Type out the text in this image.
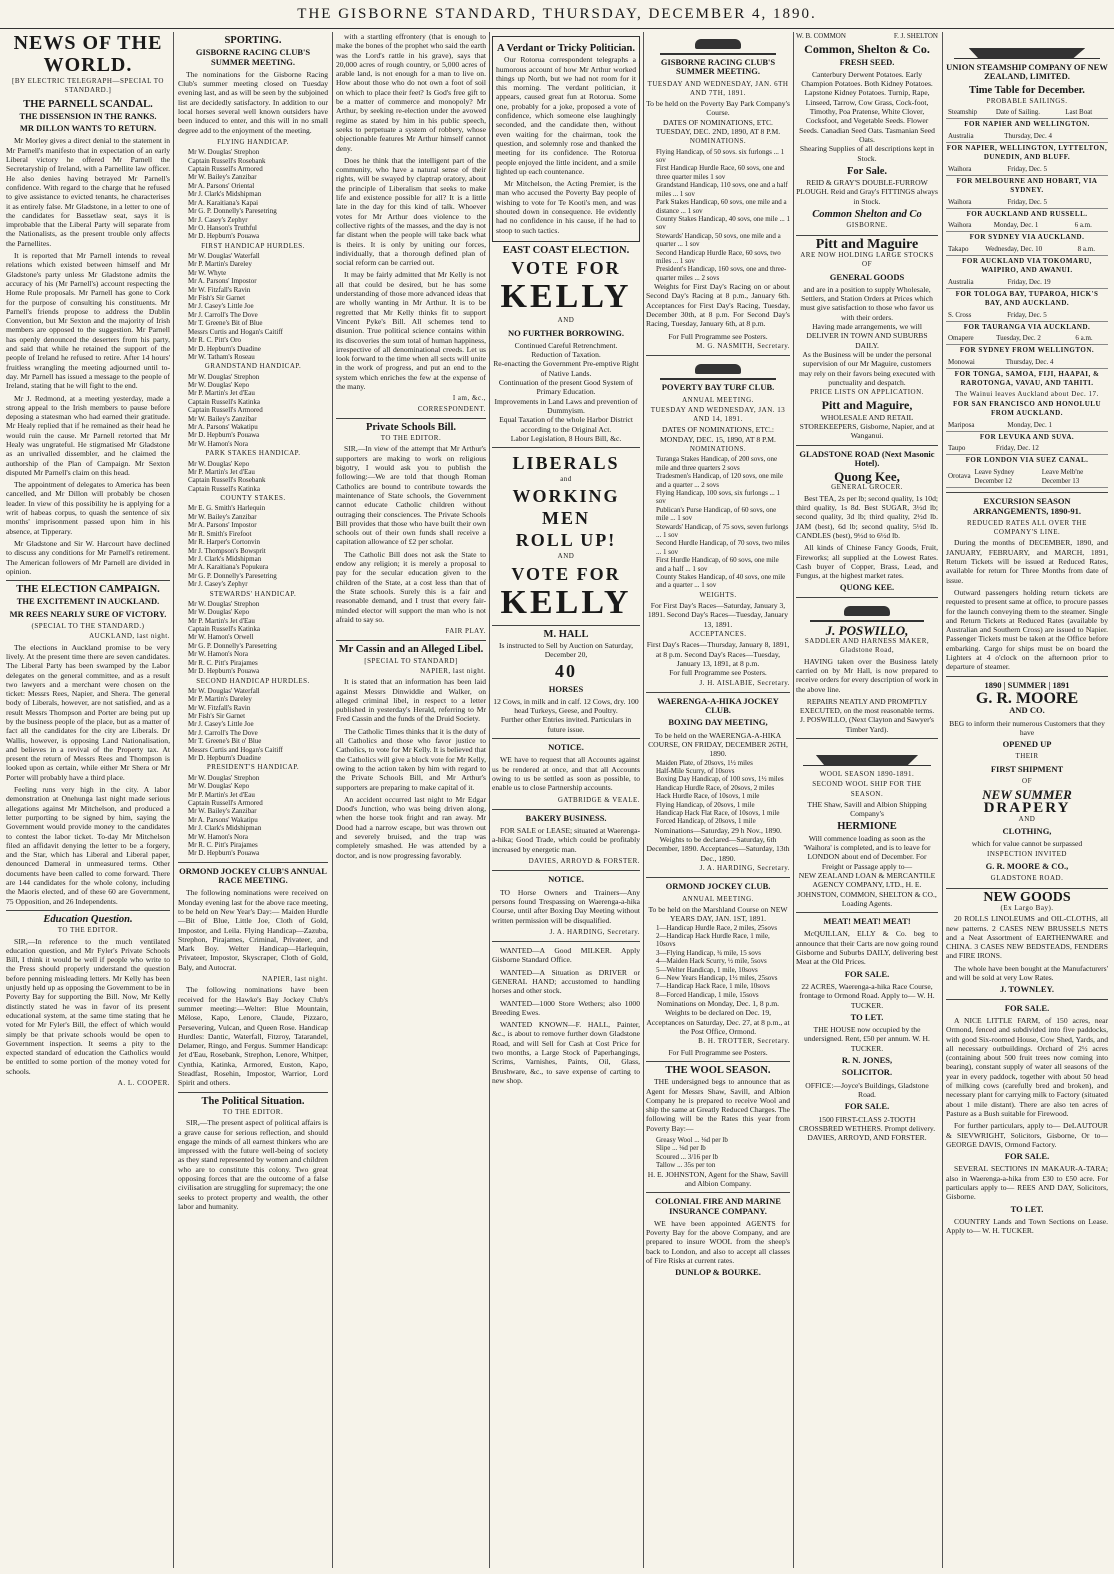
THE GISBORNE STANDARD, THURSDAY, DECEMBER 4, 1890.
NEWS OF THE WORLD.
[BY ELECTRIC TELEGRAPH—SPECIAL TO STANDARD.]
THE PARNELL SCANDAL.
THE DISSENSION IN THE RANKS.
MR DILLON WANTS TO RETURN.

Mr Morley gives a direct denial to the statement in Mr Parnell's manifesto that in expectation of an early Liberal victory he offered Mr Parnell the Secretaryship of Ireland, with a Parnellite law officer. He also denies having betrayed Mr Parnell's confidence. With regard to the charge that he refused to give assistance to evicted tenants, he characterises it as entirely false. Mr Gladstone, in a letter to one of the candidates for Bassetlaw seat, says it is improbable that the Liberal Party will separate from the Nationalists, as the present trouble only affects the Parnellites.

It is reported that Mr Parnell intends to reveal relations which existed between himself and Mr Gladstone's party unless Mr Gladstone admits the accuracy of his (Mr Parnell's) account respecting the Home Rule proposals. Mr Parnell has gone to Cork for the purpose of consulting his constituents. Mr Parnell's friends propose to address the Dublin Convention, but Mr Sexton and the majority of Irish members are opposed to the suggestion. Mr Parnell has openly denounced the deserters from his party, and said that while he retained the support of the people of Ireland he refused to retire. After 14 hours' fruitless wrangling the meeting adjourned until to-day. Mr Parnell has issued a message to the people of Ireland, stating that he will fight to the end.

Mr J. Redmond, at a meeting yesterday, made a strong appeal to the Irish members to pause before deposing a statesman who had earned their gratitude. Mr Healy replied that if he remained as their head he would ruin the cause. Mr Parnell retorted that Mr Healy was ungrateful. He stigmatised Mr Gladstone as an unrivalled dissembler, and he claimed the authorship of the Plan of Campaign. Mr Sexton disputed Mr Parnell's claim on this head.

The appointment of delegates to America has been cancelled, and Mr Dillon will probably be chosen leader. In view of this possibility he is applying for a writ of habeas corpus, to quash the sentence of six months' imprisonment passed upon him in his absence, at Tipperary.

Mr Gladstone and Sir W. Harcourt have declined to discuss any conditions for Mr Parnell's retirement. The American followers of Mr Parnell are divided in opinion.

THE ELECTION CAMPAIGN.
THE EXCITEMENT IN AUCKLAND.
MR REES NEARLY SURE OF VICTORY.
(SPECIAL TO THE STANDARD.)
AUCKLAND, last night.

The elections in Auckland promise to be very lively. At the present time there are seven candidates. The Liberal Party has been swamped by the Labor delegates on the general committee, and as a result two lawyers and a merchant were chosen on the ticket: Messrs Rees, Napier, and Shera. The general body of Liberals, however, are not satisfied, and as a result Messrs Thompson and Porter are being put up by the business people of the place, but as a matter of fact all the candidates for the city are Liberals. Dr Wallis, however, is opposing Land Nationalisation, and believes in a revival of the Property tax. At present the return of Messrs Rees and Thompson is looked upon as certain, while either Mr Shera or Mr Porter will probably have a third place.

Feeling runs very high in the city. A labor demonstration at Onehunga last night made serious allegations against Mr Mitchelson, and produced a letter purporting to be signed by him, saying the Government would provide money to the candidates to contest the labor ticket. To-day Mr Mitchelson filed an affidavit denying the letter to be a forgery, and the Star, which has Liberal and Liberal paper, denounced Dameral in unmeasured terms. Other documents have been called to come forward. There are 144 candidates for the whole colony, including the Maoris elected, and of these 60 are Government, 75 Opposition, and 26 Independents.

Education Question.
TO THE EDITOR.

SIR,—In reference to the much ventilated education question, and Mr Fyler's Private Schools Bill, I think it would be well if people who write to the Press should properly understand the question before penning misleading letters. Mr Kelly has been unjustly held up as opposing the Government to be in Poverty Bay for supporting the Bill. Now, Mr Kelly distinctly stated he was in favor of its present educational system, at the same time stating that he voted for Mr Fyler's Bill, the effect of which would simply be that private schools would be open to Government inspection. It seems a pity to the expected standard of education the Catholics would be entitled to some portion of the money voted for schools.

A. L. COOPER.
SPORTING.
GISBORNE RACING CLUB'S SUMMER MEETING.

The nominations for the Gisborne Racing Club's summer meeting closed on Tuesday evening last, and as will be seen by the subjoined list are decidedly satisfactory. In addition to our local horses several well known outsiders have been induced to enter, and this will in no small degree add to the enjoyment of the meeting.

FLYING HANDICAP.
Mr W. Douglas' Strephon
Captain Russell's Rosebank
Captain Russell's Armored
Mr W. Bailey's Zanzibar
Mr A. Parsons' Oriental
Mr J. Clark's Midshipman
Mr A. Karaitiana's Kapai
Mr G. P. Donnelly's Paresetring
Mr J. Casey's Zephyr
Mr O. Hanson's Truthful
Mr D. Hepburn's Pouawa
FIRST HANDICAP HURDLES.
Mr W. Douglas' Waterfall
Mr P. Martin's Dareley
Mr W. Whyte
Mr A. Parsons' Impostor
Mr W. Fitzfall's Ravin
Mr Fish's Sir Garnet
Mr J. Casey's Little Joe
Mr J. Carroll's The Dove
Mr T. Greene's Bit of Blue
Messrs Curtis and Hogan's Caitiff
Mr R. C. Pitt's Oro
Mr D. Hepburn's Duadine
Mr W. Tatham's Roseau
GRANDSTAND HANDICAP.
Mr W. Douglas' Strephon
Mr W. Douglas' Kepo
Mr P. Martin's Jet d'Eau
Captain Russell's Katinka
Captain Russell's Armored
Mr W. Bailey's Zanzibar
Mr A. Parsons' Wakatipu
Mr D. Hepburn's Pouawa
Mr W. Hamon's Nora
PARK STAKES HANDICAP.
Mr W. Douglas' Kepo
Mr P. Martin's Jet d'Eau
Captain Russell's Rosebank
Captain Russell's Katinka
COUNTY STAKES.
Mr E. G. Smith's Harlequin
Mr W. Bailey's Zanzibar
Mr A. Parsons' Impostor
Mr R. Smith's Firefoot
Mr R. Harper's Cortonvin
Mr J. Thompson's Bowsprit
Mr J. Clark's Midshipman
Mr A. Karaitiana's Popukura
Mr G. P. Donnelly's Paresetring
Mr J. Casey's Zephyr
STEWARDS' HANDICAP.
Mr W. Douglas' Strephon
Mr W. Douglas' Kepo
Mr P. Martin's Jet d'Eau
Captain Russell's Katinka
Mr W. Hamon's Orwell
Mr G. P. Donnelly's Paresetring
Mr W. Hamon's Nora
Mr R. C. Pitt's Pirajames
Mr D. Hepburn's Pouawa
SECOND HANDICAP HURDLES.
Mr W. Douglas' Waterfall
Mr P. Martin's Dareley
Mr W. Fitzfall's Ravin
Mr Fish's Sir Garnet
Mr J. Casey's Little Joe
Mr J. Carroll's The Dove
Mr T. Greene's Bit o' Blue
Messrs Curtis and Hogan's Caitiff
Mr D. Hepburn's Duadine
PRESIDENT'S HANDICAP.
Mr W. Douglas' Strephon
Mr W. Douglas' Kepo
Mr P. Martin's Jet d'Eau
Captain Russell's Armored
Mr W. Bailey's Zanzibar
Mr A. Parsons' Wakatipu
Mr J. Clark's Midshipman
Mr W. Hamon's Nora
Mr R. C. Pitt's Pirajames
Mr D. Hepburn's Pouawa
ORMOND JOCKEY CLUB'S ANNUAL RACE MEETING.

The following nominations were received on Monday evening last for the above race meeting, to be held on New Year's Day:— Maiden Hurdle—Bit of Blue, Little Joe, Cloth of Gold, Impostor, and Leila. Flying Handicap—Zazuba, Strephon, Pirajames, Criminal, Privateer, and Mark Boy. Welter Handicap—Harlequin, Privateer, Impostor, Skyscraper, Cloth of Gold, Baly, and Autocrat.

NAPIER, last night.

The following nominations have been received for the Hawke's Bay Jockey Club's summer meeting:—Welter: Blue Mountain, Mélose, Kapo, Lenore, Claude, Pizzaro, Persevering, Vulcan, and Queen Rose. Handicap Hurdles: Dantic, Waterfall, Fitzroy, Tatarandel, Delamer, Ringo, and Fergus. Summer Handicap: Jet d'Eau, Rosebank, Strephon, Lenore, Whitper, Cynthia, Katinka, Armored, Euston, Kapo, Steadfast, Rosehin, Impostor, Warrior, Lord Spirit and others.

The Political Situation.
TO THE EDITOR.

SIR,—The present aspect of political affairs is a grave cause for serious reflection, and should engage the minds of all earnest thinkers who are impressed with the future well-being of society as they stand represented by women and children who are to constitute this colony. Two great opposing forces that are the outcome of a false civilisation are struggling for supremacy; the one seeks to protect property and wealth, the other labor and humanity.

with a startling effrontery (that is enough to make the bones of the prophet who said the earth was the Lord's rattle in his grave), says that 20,000 acres of rough country, or 5,000 acres of arable land, is not enough for a man to live on. How about those who do not own a foot of soil on which to place their feet? Is God's free gift to be a matter of commerce and monopoly? Mr Arthur, by seeking re-election under the avowed regime as stated by him in his public speech, seeks to perpetuate a system of robbery, whose objectionable features Mr Arthur himself cannot deny.

Does he think that the intelligent part of the community, who have a natural sense of their rights, will be swayed by claptrap oratory, about the principle of Liberalism that seeks to make life and existence possible for all? It is a little late in the day for this kind of talk. Whoever votes for Mr Arthur does violence to the collective rights of the masses, and the day is not far distant when the people will take back what is theirs. It is only by uniting our forces, individually, that a thorough defined plan of social reform can be carried out.

It may be fairly admitted that Mr Kelly is not all that could be desired, but he has some understanding of those more advanced ideas that are wholly wanting in Mr Arthur. It is to be regretted that Mr Kelly thinks fit to support Vincent Pyke's Bill. All schemes tend to disunion. True political science contains within its discoveries the sum total of human happiness, irrespective of all denominational creeds. Let us look forward to the time when all sects will unite in the work of progress, and put an end to the system which enriches the few at the expense of the many.

I am, &c.,
CORRESPONDENT.
Private Schools Bill.
TO THE EDITOR.

SIR,—In view of the attempt that Mr Arthur's supporters are making to work on religious bigotry, I would ask you to publish the following:—We are told that though Roman Catholics are bound to contribute towards the maintenance of State schools, the Government cannot educate Catholic children without outraging their consciences. The Private Schools Bill provides that those who have built their own schools out of their own funds shall receive a capitation allowance of £2 per scholar.

The Catholic Bill does not ask the State to endow any religion; it is merely a proposal to pay for the secular education given to the children of the State, at a cost less than that of the State schools. Surely this is a fair and reasonable demand, and I trust that every fair-minded elector will support the man who is not afraid to say so.

FAIR PLAY.
Mr Cassin and an Alleged Libel.
[SPECIAL TO STANDARD]
NAPIER, last night.

It is stated that an information has been laid against Messrs Dinwiddie and Walker, on alleged criminal libel, in respect to a letter published in yesterday's Herald, referring to Mr Fred Cassin and the funds of the Druid Society.

The Catholic Times thinks that it is the duty of all Catholics and those who favor justice to Catholics, to vote for Mr Kelly. It is believed that the Catholics will give a block vote for Mr Kelly, owing to the action taken by him with regard to the Private Schools Bill, and Mr Arthur's supporters are preparing to make capital of it.

An accident occurred last night to Mr Edgar Dood's Junction, who was being driven along, when the horse took fright and ran away. Mr Dood had a narrow escape, but was thrown out and severely bruised, and the trap was completely smashed. He was attended by a doctor, and is now progressing favorably.

A Verdant or Tricky Politician.

Our Rotorua correspondent telegraphs a humorous account of how Mr Arthur worked things up North, but we had not room for it this morning. The verdant politician, it appears, caused great fun at Rotorua. Some one, probably for a joke, proposed a vote of confidence, which someone else laughingly seconded, and the candidate then, without even waiting for the chairman, took the question, and solemnly rose and thanked the meeting for its confidence. The Rotorua people enjoyed the little incident, and a smile lighted up each countenance.

Mr Mitchelson, the Acting Premier, is the man who accused the Poverty Bay people of wishing to vote for Te Kooti's men, and was shouted down in consequence. He evidently had no confidence in his cause, if he had to stoop to such tactics.

EAST COAST ELECTION.
VOTE FOR
KELLY
AND
NO FURTHER BORROWING.
Continued Careful Retrenchment.
Reduction of Taxation.
Re-enacting the Government Pre-emptive Right of Native Lands.
Continuation of the present Good System of Primary Education.
Improvements in Land Laws and prevention of Dummyism.
Equal Taxation of the whole Harbor District according to the Original Act.
Labor Legislation, 8 Hours Bill, &c.
LIBERALS
and
WORKING MEN
ROLL UP!
AND
VOTE FOR
KELLY
M. HALL
Is instructed to Sell by Auction on Saturday, December 20,
40
HORSES
12 Cows, in milk and in calf. 12 Cows, dry. 100 head Turkeys, Geese, and Poultry.
Further other Entries invited. Particulars in future issue.
NOTICE.

WE have to request that all Accounts against us be rendered at once, and that all Accounts owing to us be settled as soon as possible, to enable us to close Partnership accounts.

GATBRIDGE & VEALE.
BAKERY BUSINESS.

FOR SALE or LEASE; situated at Waerenga-a-hika; Good Trade, which could be profitably increased by energetic man.

DAVIES, ARROYD & FORSTER.
NOTICE.

TO Horse Owners and Trainers—Any persons found Trespassing on Waerenga-a-hika Course, until after Boxing Day Meeting without written permission will be disqualified.

J. A. HARDING, Secretary.

WANTED—A Good MILKER. Apply Gisborne Standard Office.

WANTED—A Situation as DRIVER or GENERAL HAND; accustomed to handling horses and other stock.

WANTED—1000 Store Wethers; also 1000 Breeding Ewes.

WANTED KNOWN—F. HALL, Painter, &c., is about to remove further down Gladstone Road, and will Sell for Cash at Cost Price for two months, a Large Stock of Paperhangings, Scrims, Varnishes, Paints, Oil, Glass, Brushware, &c., to save expense of carting to new shop.

GISBORNE RACING CLUB'S SUMMER MEETING.
TUESDAY AND WEDNESDAY, JAN. 6TH AND 7TH, 1891.
To be held on the Poverty Bay Park Company's Course.
DATES OF NOMINATIONS, ETC. TUESDAY, DEC. 2ND, 1890, AT 8 P.M.
NOMINATIONS.
Flying Handicap, of 50 sovs. six furlongs ... 1 sov
First Handicap Hurdle Race, 60 sovs, one and three quarter miles 1 sov
Grandstand Handicap, 110 sovs, one and a half miles ... 1 sov
Park Stakes Handicap, 60 sovs, one mile and a distance ... 1 sov
County Stakes Handicap, 40 sovs, one mile ... 1 sov
Stewards' Handicap, 50 sovs, one mile and a quarter ... 1 sov
Second Handicap Hurdle Race, 60 sovs, two miles ... 1 sov
President's Handicap, 160 sovs, one and three-quarter miles ... 2 sovs

Weights for First Day's Racing on or about Second Day's Racing at 8 p.m., January 6th. Acceptances for First Day's Racing, Tuesday, December 30th, at 8 p.m. For Second Day's Racing, Tuesday, January 6th, at 8 p.m.

For Full Programme see Posters.
M. G. NASMITH, Secretary.
POVERTY BAY TURF CLUB.
ANNUAL MEETING.
TUESDAY AND WEDNESDAY, JAN. 13 AND 14, 1891.
DATES OF NOMINATIONS, ETC.: MONDAY, DEC. 15, 1890, AT 8 P.M.
NOMINATIONS.
Turanga Stakes Handicap, of 200 sovs, one mile and three quarters 2 sovs
Tradesmen's Handicap, of 120 sovs, one mile and a quarter ... 2 sovs
Flying Handicap, 100 sovs, six furlongs ... 1 sov
Publican's Purse Handicap, of 60 sovs, one mile ... 1 sov
Stewards' Handicap, of 75 sovs, seven furlongs ... 1 sov
Second Hurdle Handicap, of 70 sovs, two miles ... 1 sov
First Hurdle Handicap, of 60 sovs, one mile and a half ... 1 sov
County Stakes Handicap, of 40 sovs, one mile and a quarter ... 1 sov
WEIGHTS.
For First Day's Races—Saturday, January 3, 1891. Second Day's Races—Tuesday, January 13, 1891.
ACCEPTANCES.
First Day's Races—Thursday, January 8, 1891, at 8 p.m. Second Day's Races—Tuesday, January 13, 1891, at 8 p.m.
For full Programme see Posters.
J. H. AISLABIE, Secretary.
WAERENGA-A-HIKA JOCKEY CLUB.
BOXING DAY MEETING,
To be held on the WAERENGA-A-HIKA COURSE, ON FRIDAY, DECEMBER 26TH, 1890.
Maiden Plate, of 20sovs, 1½ miles
Half-Mile Scurry, of 10sovs
Boxing Day Handicap, of 100 sovs, 1½ miles
Handicap Hurdle Race, of 20sovs, 2 miles
Hack Hurdle Race, of 10sovs, 1 mile
Flying Handicap, of 20sovs, 1 mile
Handicap Hack Flat Race, of 10sovs, 1 mile
Forced Handicap, of 20sovs, 1 mile
Nominations—Saturday, 29 h Nov., 1890. Weights to be declared—Saturday, 6th December, 1890. Acceptances—Saturday, 13th Dec., 1890.
J. A. HARDING, Secretary.
ORMOND JOCKEY CLUB.
ANNUAL MEETING.
To be held on the Marshland Course on NEW YEARS DAY, JAN. 1ST, 1891.
1—Handicap Hurdle Race, 2 miles, 25sovs
2—Handicap Hack Hurdle Race, 1 mile, 10sovs
3—Flying Handicap, ¾ mile, 15 sovs
4—Maiden Hack Scurry, ½ mile, 5sovs
5—Welter Handicap, 1 mile, 10sovs
6—New Years Handicap, 1½ miles, 25sovs
7—Handicap Hack Race, 1 mile, 10sovs
8—Forced Handicap, 1 mile, 15sovs
Nominations on Monday, Dec. 1, 8 p.m. Weights to be declared on Dec. 19, Acceptances on Saturday, Dec. 27, at 8 p.m., at the Post Office, Ormond.
B. H. TROTTER, Secretary.
For Full Programme see Posters.
THE WOOL SEASON.

THE undersigned begs to announce that as Agent for Messrs Shaw, Savill, and Albion Company he is prepared to receive Wool and ship the same at Greatly Reduced Charges. The following will be the Rates this year from Poverty Bay:—

Greasy Wool ... ⅛d per lb
Slipe ... ⅛d per lb
Scoured ... 3/16 per lb
Tallow ... 35s per ton
H. E. JOHNSTON, Agent for the Shaw, Savill and Albion Company.
COLONIAL FIRE AND MARINE INSURANCE COMPANY.

WE have been appointed AGENTS for Poverty Bay for the above Company, and are prepared to insure WOOL from the sheep's back to London, and also to accept all classes of Fire Risks at current rates.

DUNLOP & BOURKE.
W. B. COMMON	F. J. SHELTON
Common, Shelton & Co.
FRESH SEED.
Canterbury Derwent Potatoes. Early Champion Potatoes. Both Kidney Potatoes. Lapstone Kidney Potatoes. Turnip, Rape, Linseed, Tarrow, Cow Grass, Cock-foot, Timothy, Poa Pratense, White Clover, Cocksfoot, and Vegetable Seeds. Flower Seeds. Canadian Seed Oats. Tasmanian Seed Oats.
Shearing Supplies of all descriptions kept in Stock.
For Sale.
REID & GRAY'S DOUBLE-FURROW PLOUGH. Reid and Gray's FITTINGS always in Stock.
Common Shelton and Co
GISBORNE.
Pitt and Maguire
ARE NOW HOLDING LARGE STOCKS OF
GENERAL GOODS
and are in a position to supply Wholesale, Settlers, and Station Orders at Prices which must give satisfaction to those who favor us with their orders.
Having made arrangements, we will DELIVER IN TOWN AND SUBURBS DAILY.
As the Business will be under the personal supervision of our Mr Maguire, customers may rely on their favors being executed with punctuality and despatch.
PRICE LISTS ON APPLICATION.
Pitt and Maguire,
WHOLESALE AND RETAIL STOREKEEPERS, Gisborne, Napier, and at Wanganui.
GLADSTONE ROAD (Next Masonic Hotel).
Quong Kee,
GENERAL GROCER.

Best TEA, 2s per lb; second quality, 1s 10d; third quality, 1s 8d. Best SUGAR, 3½d lb; second quality, 3d lb; third quality, 2½d lb. JAM (best), 6d lb; second quality, 5½d lb. CANDLES (best), 9½d to 6½d lb.

All kinds of Chinese Fancy Goods, Fruit, Fireworks; all supplied at the Lowest Rates. Cash buyer of Copper, Brass, Lead, and Fungus, at the highest market rates.

QUONG KEE.
J. POSWILLO,
SADDLER AND HARNESS MAKER, Gladstone Road,

HAVING taken over the Business lately carried on by Mr Hall, is now prepared to receive orders for every description of work in the above line.

REPAIRS NEATLY AND PROMPTLY EXECUTED, on the most reasonable terms.
J. POSWILLO, (Next Clayton and Sawyer's Timber Yard).
WOOL SEASON 1890-1891.
SECOND WOOL SHIP FOR THE SEASON.
THE Shaw, Savill and Albion Shipping Company's
HERMIONE
Will commence loading as soon as the 'Waihora' is completed, and is to leave for LONDON about end of December. For Freight or Passage apply to—
NEW ZEALAND LOAN & MERCANTILE AGENCY COMPANY, LTD., H. E. JOHNSTON, COMMON, SHELTON & CO., Loading Agents.
MEAT! MEAT! MEAT!

McQUILLAN, ELLY & Co. beg to announce that their Carts are now going round Gisborne and Suburbs DAILY, delivering best Meat at the Old Prices.

FOR SALE.
22 ACRES, Waerenga-a-hika Race Course, frontage to Ormond Road. Apply to— W. H. TUCKER.
TO LET.
THE HOUSE now occupied by the undersigned. Rent, £50 per annum. W. H. TUCKER.
R. N. JONES,
SOLICITOR.
OFFICE:—Joyce's Buildings, Gladstone Road.
FOR SALE.
1500 FIRST-CLASS 2-TOOTH CROSSBRED WETHERS. Prompt delivery. DAVIES, ARROYD, AND FORSTER.
UNION STEAMSHIP COMPANY OF NEW ZEALAND, LIMITED.
Time Table for December.
PROBABLE SAILINGS.
Steamship	Date of Sailing.	Last Boat
FOR NAPIER AND WELLINGTON.
Australia	Thursday, Dec. 4	
FOR NAPIER, WELLINGTON, LYTTELTON, DUNEDIN, AND BLUFF.
Waihora	Friday, Dec. 5	
FOR MELBOURNE AND HOBART, VIA SYDNEY.
Waihora	Friday, Dec. 5	
FOR AUCKLAND AND RUSSELL.
Waihora	Monday, Dec. 1	6 a.m.
FOR SYDNEY VIA AUCKLAND.
Takapo	Wednesday, Dec. 10	8 a.m.
FOR AUCKLAND VIA TOKOMARU, WAIPIRO, AND AWANUI.
Australia	Friday, Dec. 19	
FOR TOLOGA BAY, TUPAROA, HICK'S BAY, AND AUCKLAND.
S. Cross	Friday, Dec. 5	
FOR TAURANGA VIA AUCKLAND.
Omapere	Tuesday, Dec. 2	6 a.m.
FOR SYDNEY FROM WELLINGTON.
Monowai	Thursday, Dec. 4	
FOR TONGA, SAMOA, FIJI, HAAPAI, & RAROTONGA, VAVAU, AND TAHITI.
The Wainui leaves Auckland about Dec. 17.
FOR SAN FRANCISCO AND HONOLULU FROM AUCKLAND.
Mariposa	Monday, Dec. 1	
FOR LEVUKA AND SUVA.
Taupo	Friday, Dec. 12	
FOR LONDON VIA SUEZ CANAL.
Orotava	Leave Sydney December 12	Leave Melb'ne December 13
EXCURSION SEASON ARRANGEMENTS, 1890-91.
REDUCED RATES ALL OVER THE COMPANY'S LINE.

During the months of DECEMBER, 1890, and JANUARY, FEBRUARY, and MARCH, 1891, Return Tickets will be issued at Reduced Rates, available for return for Three Months from date of issue.

Outward passengers holding return tickets are requested to present same at office, to procure passes for the launch conveying them to the steamer. Single and Return Tickets at Reduced Rates (available by Australian and Southern Cross) are issued to Napier. Passenger Tickets must be taken at the Office before embarking. Cargo for ships must be on board the Lighters at 4 o'clock on the afternoon prior to departure of steamer.

1890 | SUMMER | 1891
G. R. MOORE
AND CO.
BEG to inform their numerous Customers that they have
OPENED UP
THEIR
FIRST SHIPMENT
OF
NEW SUMMER
DRAPERY
AND
CLOTHING,
which for value cannot be surpassed
INSPECTION INVITED
G. R. MOORE & CO.,
GLADSTONE ROAD.
NEW GOODS
(Ex Largo Bay).

20 ROLLS LINOLEUMS and OIL-CLOTHS, all new patterns. 2 CASES NEW BRUSSELS NETS and a Neat Assortment of EARTHENWARE and CHINA. 3 CASES NEW BEDSTEADS, FENDERS and FIRE IRONS.

The whole have been bought at the Manufacturers' and will be sold at very Low Rates.

J. TOWNLEY.
FOR SALE.

A NICE LITTLE FARM, of 150 acres, near Ormond, fenced and subdivided into five paddocks, with good Six-roomed House, Cow Shed, Yards, and all necessary outbuildings. Orchard of 2½ acres (containing about 500 fruit trees now coming into bearing), constant supply of water all seasons of the year in every paddock, together with about 50 head of milking cows (carefully bred and broken), and necessary plant for carrying milk to Factory (situated about 1 mile distant). There are also ten acres of Pasture as a Bush suitable for Firewood.

For further particulars, apply to— DeLAUTOUR & SIEVWRIGHT, Solicitors, Gisborne, Or to— GEORGE DAVIS, Ormond Factory.

FOR SALE.

SEVERAL SECTIONS IN MAKAUR-A-TARA; also in Waerenga-a-hika from £30 to £50 acre. For particulars apply to— REES AND DAY, Solicitors, Gisborne.

TO LET.

COUNTRY Lands and Town Sections on Lease. Apply to— W. H. TUCKER.
